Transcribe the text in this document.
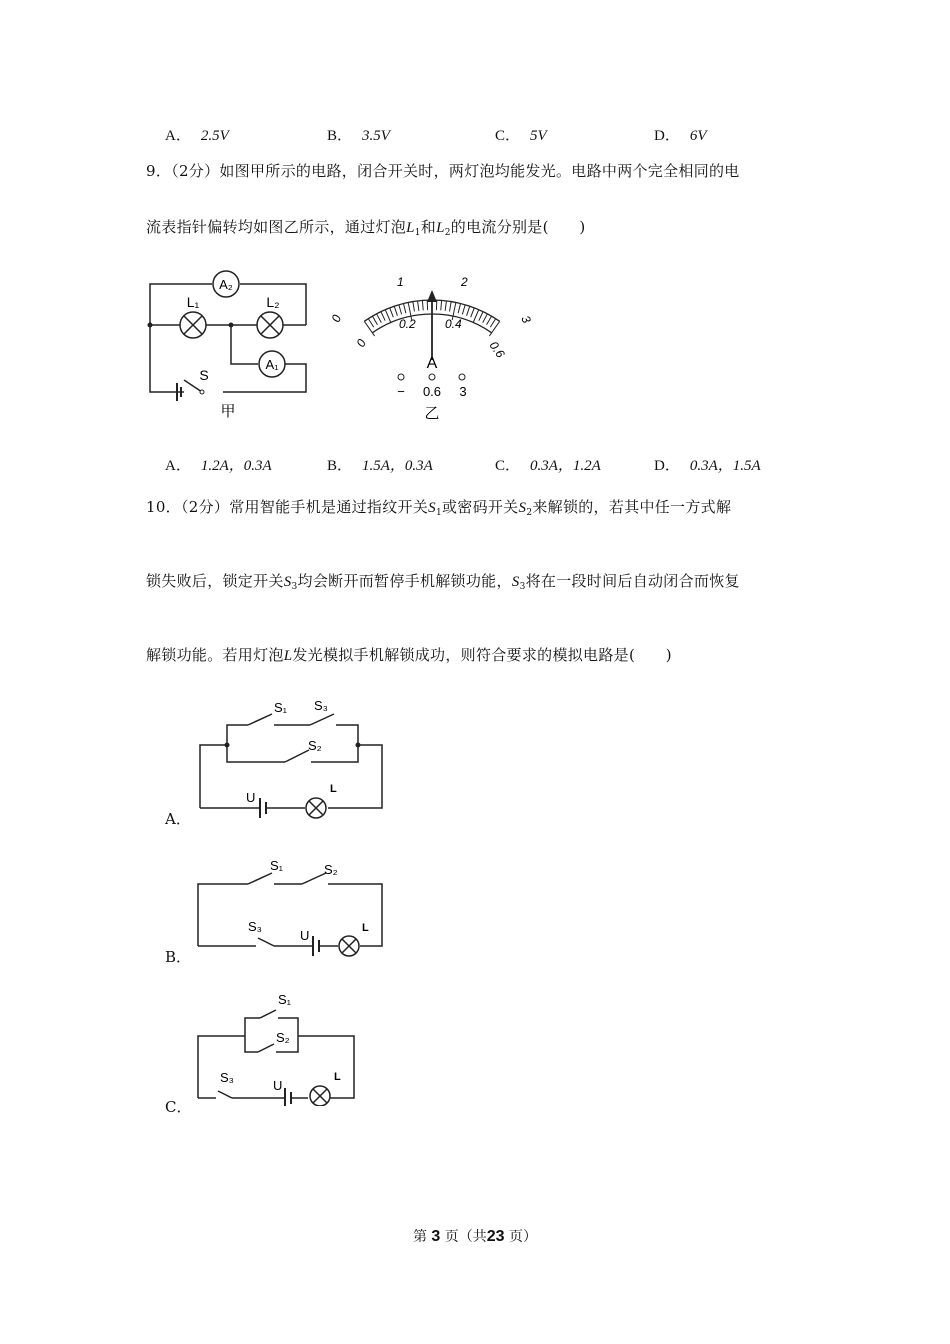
A． 2.5V	B． 3.5V	C． 5V	D． 6V
9．（2分）如图甲所示的电路，闭合开关时，两灯泡均能发光。电路中两个完全相同的电
流表指针偏转均如图乙所示，通过灯泡$L_1$和$L_2$的电流分别是(　　)
A₂
A₁
L₁	L₂
S
甲
0
1	2
3
0
0.2 0.4
0.6
A
− 0.6 3
乙
A． 1.2A，0.3A	B． 1.5A，0.3A	C． 0.3A，1.2A	D． 0.3A，1.5A
10．（2分）常用智能手机是通过指纹开关$S_1$或密码开关$S_2$来解锁的，若其中任一方式解
锁失败后，锁定开关$S_3$均会断开而暂停手机解锁功能，$S_3$将在一段时间后自动闭合而恢复
解锁功能。若用灯泡L发光模拟手机解锁成功，则符合要求的模拟电路是(　　)
S₁ S₃
S₂
U
L
A．
S₁	S₂
S₃
U	L
B．
S₁
S₂
S₃
U
L
C．
第 3 页（共23 页）
